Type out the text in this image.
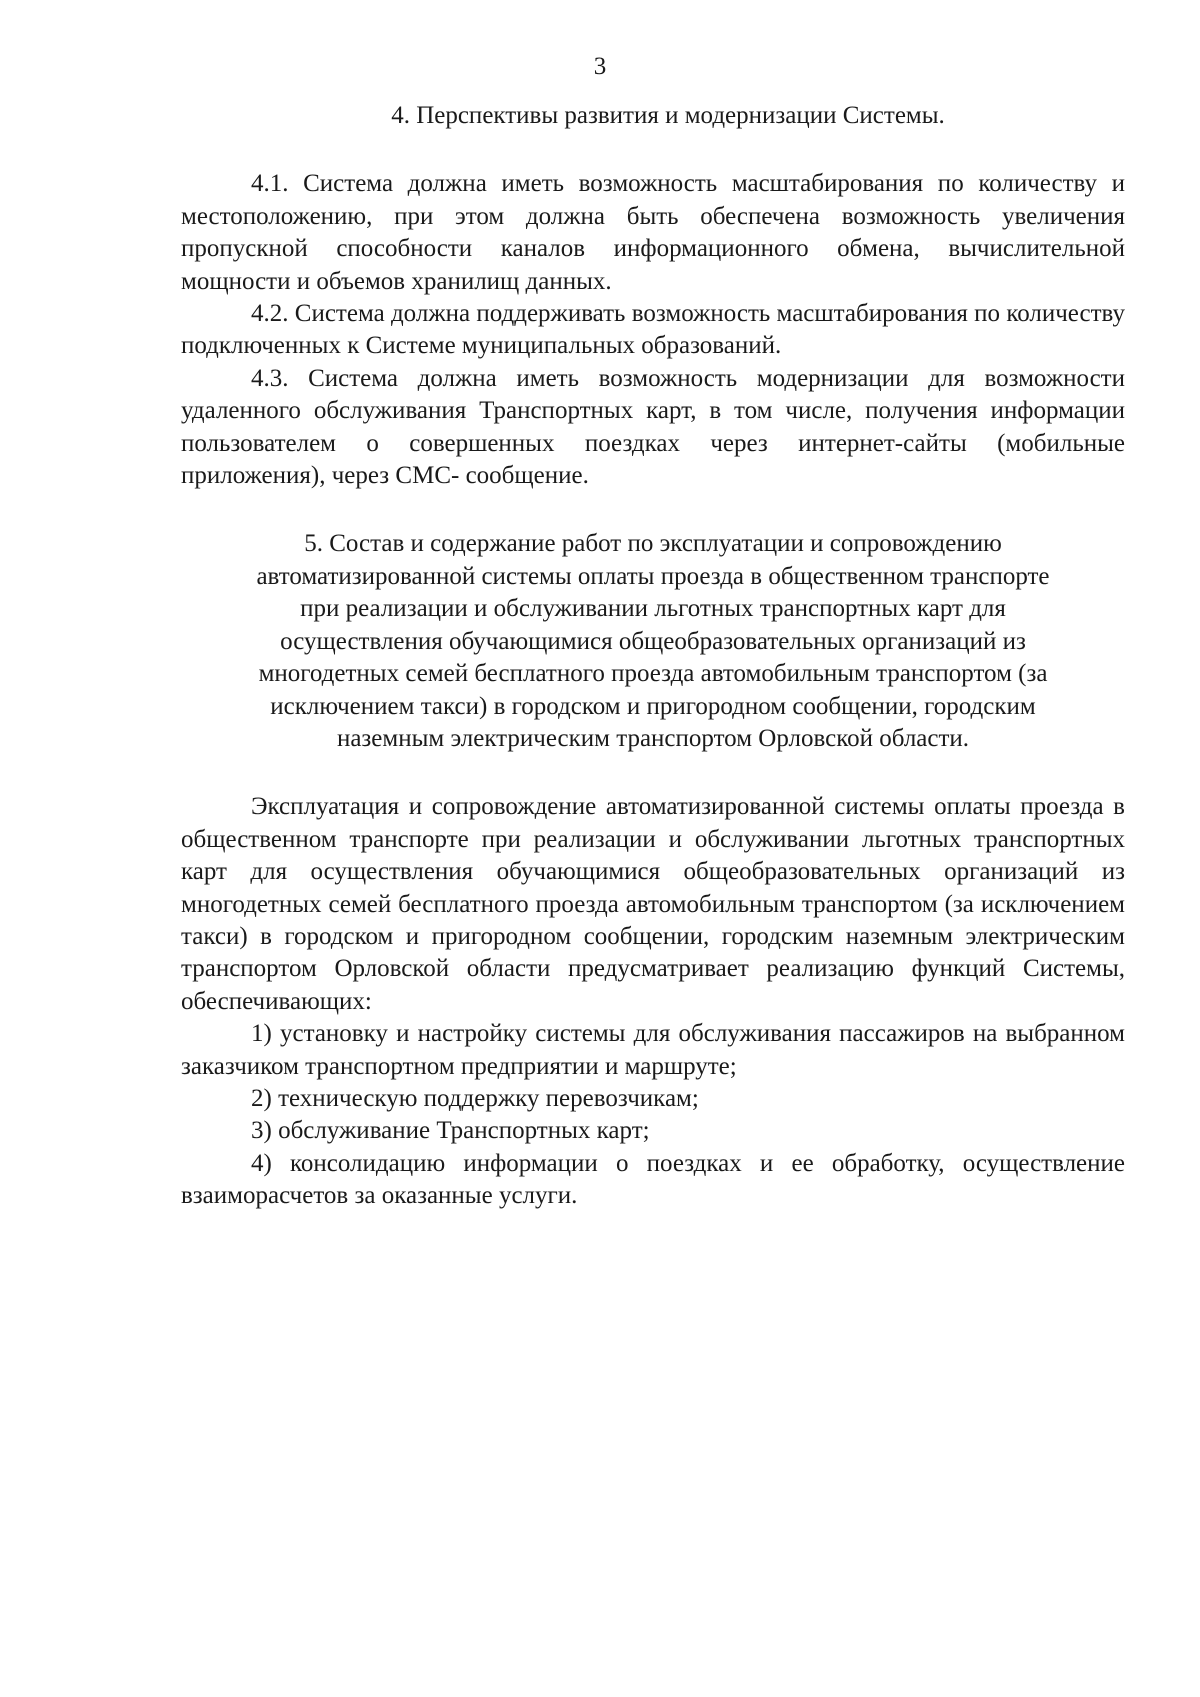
3

4. Перспективы развития и модернизации Системы.

4.1. Система должна иметь возможность масштабирования по количеству и местоположению, при этом должна быть обеспечена возможность увеличения пропускной способности каналов информационного обмена, вычислительной мощности и объемов хранилищ данных.

4.2. Система должна поддерживать возможность масштабирования по количеству подключенных к Системе муниципальных образований.

4.3. Система должна иметь возможность модернизации для возможности удаленного обслуживания Транспортных карт, в том числе, получения информации пользователем о совершенных поездках через интернет-сайты (мобильные приложения), через СМС- сообщение.

5. Состав и содержание работ по эксплуатации и сопровождению
автоматизированной системы оплаты проезда в общественном транспорте
при реализации и обслуживании льготных транспортных карт для
осуществления обучающимися общеобразовательных организаций из
многодетных семей бесплатного проезда автомобильным транспортом (за
исключением такси) в городском и пригородном сообщении, городским
наземным электрическим транспортом Орловской области.

Эксплуатация и сопровождение автоматизированной системы оплаты проезда в общественном транспорте при реализации и обслуживании льготных транспортных карт для осуществления обучающимися общеобразовательных организаций из многодетных семей бесплатного проезда автомобильным транспортом (за исключением такси) в городском и пригородном сообщении, городским наземным электрическим транспортом Орловской области предусматривает реализацию функций Системы, обеспечивающих:

1) установку и настройку системы для обслуживания пассажиров на выбранном заказчиком транспортном предприятии и маршруте;

2) техническую поддержку перевозчикам;

3) обслуживание Транспортных карт;

4) консолидацию информации о поездках и ее обработку, осуществление взаиморасчетов за оказанные услуги.
